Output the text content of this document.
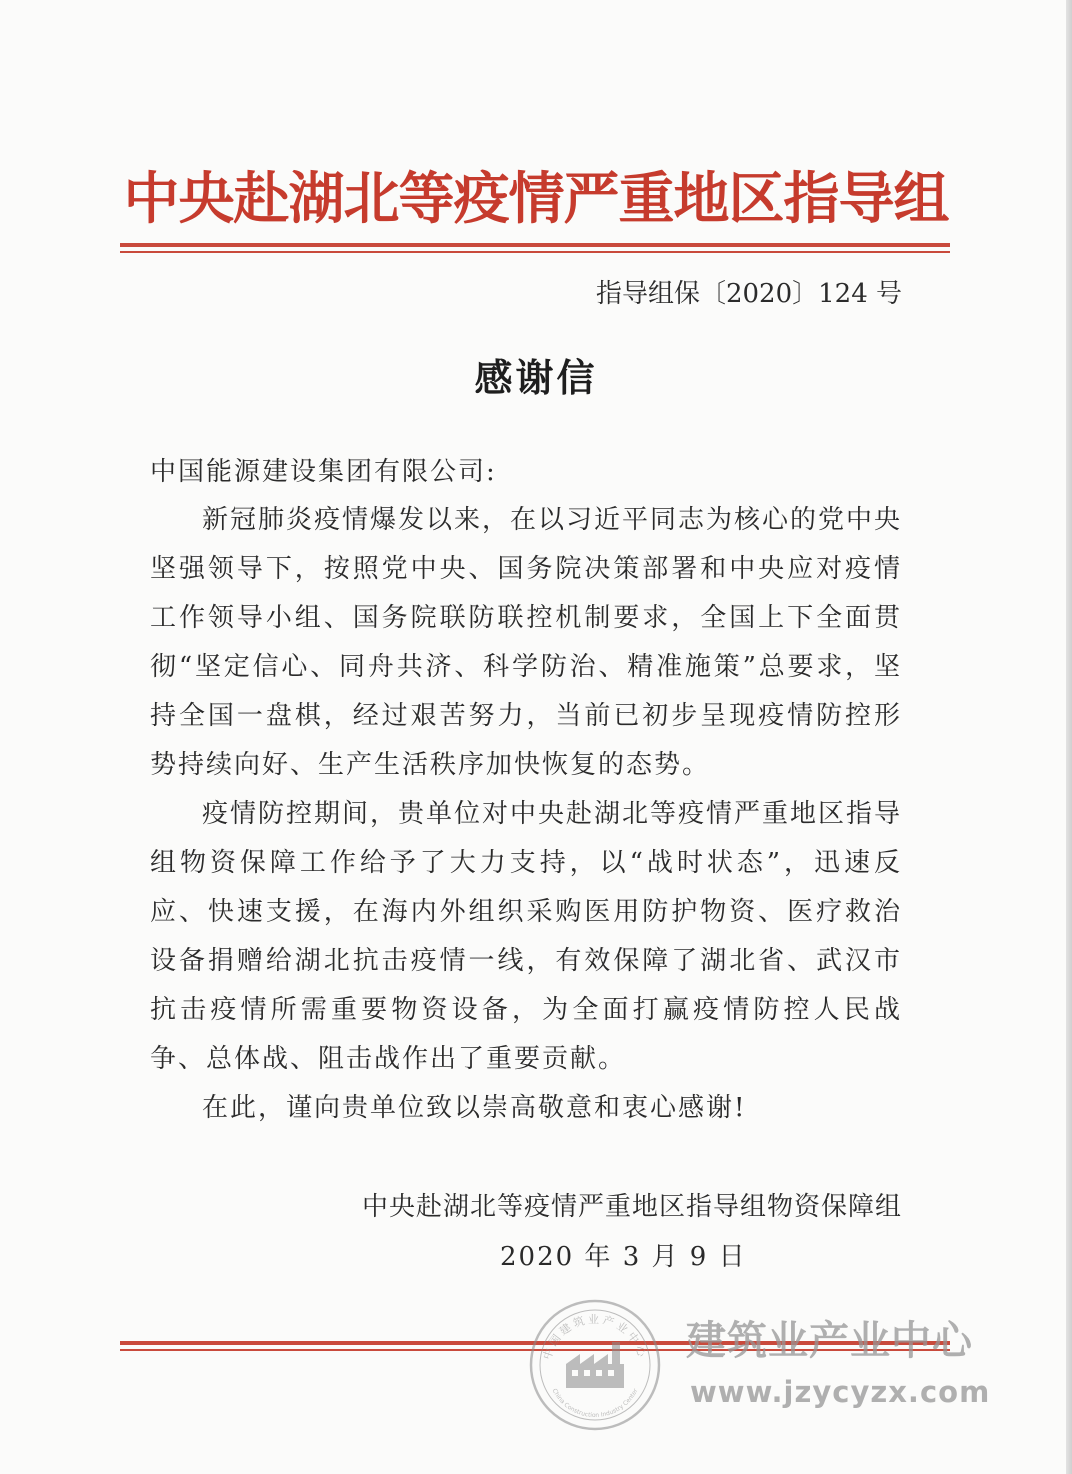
中央赴湖北等疫情严重地区指导组
指导组保〔2020〕124 号
感谢信
中国能源建设集团有限公司:

新冠肺炎疫情爆发以来，在以习近平同志为核心的党中央坚强领导下，按照党中央、国务院决策部署和中央应对疫情工作领导小组、国务院联防联控机制要求，全国上下全面贯彻“坚定信心、同舟共济、科学防治、精准施策”总要求，坚持全国一盘棋，经过艰苦努力，当前已初步呈现疫情防控形势持续向好、生产生活秩序加快恢复的态势。

疫情防控期间，贵单位对中央赴湖北等疫情严重地区指导组物资保障工作给予了大力支持，以“战时状态”，迅速反应、快速支援，在海内外组织采购医用防护物资、医疗救治设备捐赠给湖北抗击疫情一线，有效保障了湖北省、武汉市抗击疫情所需重要物资设备，为全面打赢疫情防控人民战争、总体战、阻击战作出了重要贡献。

在此，谨向贵单位致以崇高敬意和衷心感谢!

中央赴湖北等疫情严重地区指导组物资保障组
2020 年 3 月 9 日
中国建筑业产业中心
China Construction Industry Center
建筑业产业中心
www.jzycyzx.com
